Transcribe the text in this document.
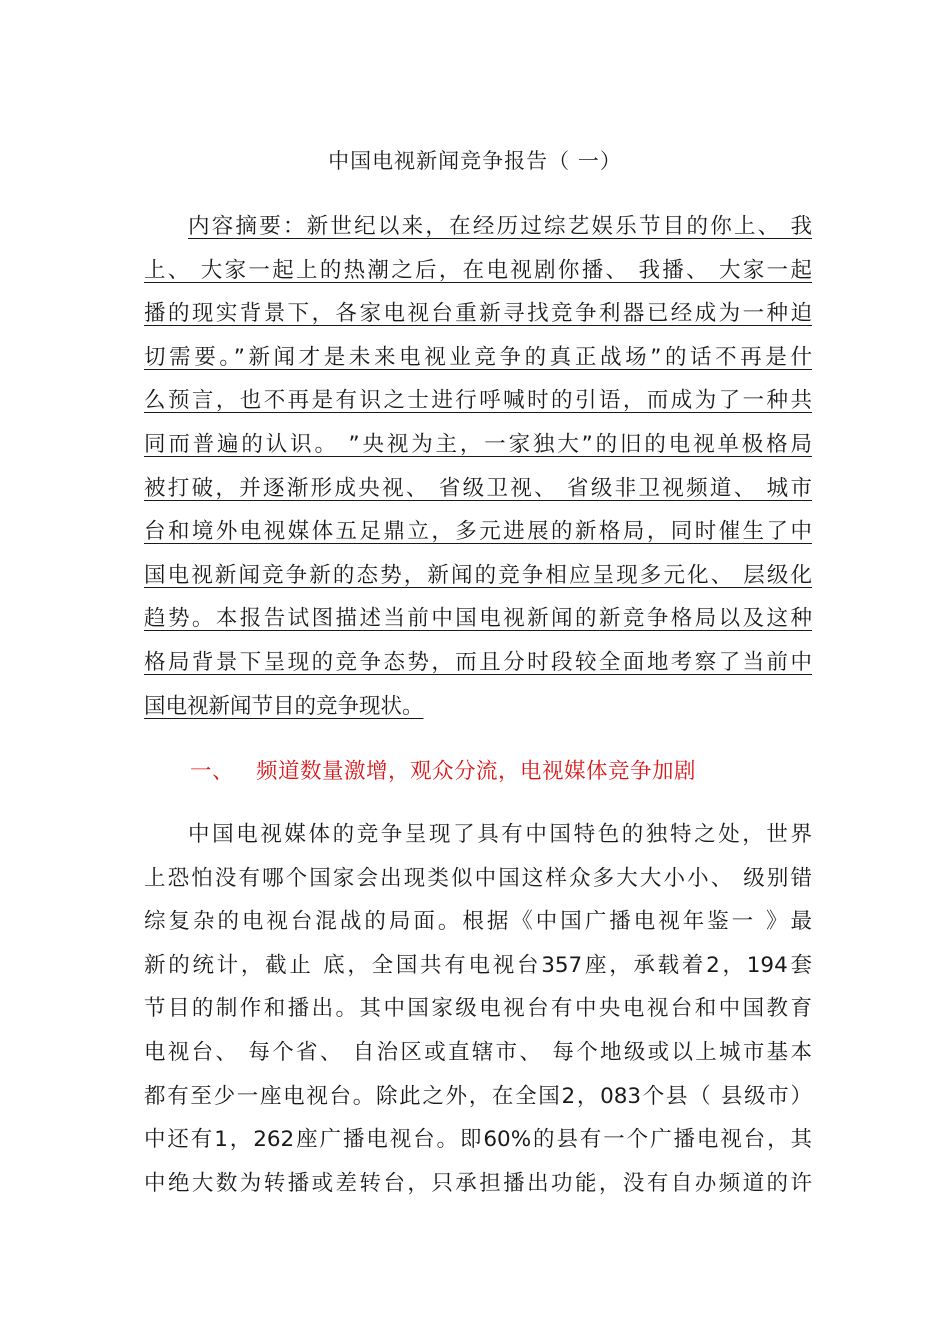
中国电视新闻竞争报告（ 一）
内容摘要：新世纪以来，在经历过综艺娱乐节目的你上、 我
上、 大家一起上的热潮之后，在电视剧你播、 我播、 大家一起
播的现实背景下，各家电视台重新寻找竞争利器已经成为一种迫
切需要。”新闻才是未来电视业竞争的真正战场”的话不再是什
么预言，也不再是有识之士进行呼喊时的引语，而成为了一种共
同而普遍的认识。 ”央视为主，一家独大”的旧的电视单极格局
被打破，并逐渐形成央视、 省级卫视、 省级非卫视频道、 城市
台和境外电视媒体五足鼎立，多元进展的新格局，同时催生了中
国电视新闻竞争新的态势，新闻的竞争相应呈现多元化、 层级化
趋势。本报告试图描述当前中国电视新闻的新竞争格局以及这种
格局背景下呈现的竞争态势，而且分时段较全面地考察了当前中
国电视新闻节目的竞争现状。
一、 频道数量激增，观众分流，电视媒体竞争加剧
中国电视媒体的竞争呈现了具有中国特色的独特之处，世界
上恐怕没有哪个国家会出现类似中国这样众多大大小小、 级别错
综复杂的电视台混战的局面。根据《中国广播电视年鉴一 》最
新的统计，截止 底，全国共有电视台357座，承载着2，194套
节目的制作和播出。其中国家级电视台有中央电视台和中国教育
电视台、 每个省、 自治区或直辖市、 每个地级或以上城市基本
都有至少一座电视台。除此之外，在全国2，083个县（ 县级市）
中还有1，262座广播电视台。即60%的县有一个广播电视台，其
中绝大数为转播或差转台，只承担播出功能，没有自办频道的许
